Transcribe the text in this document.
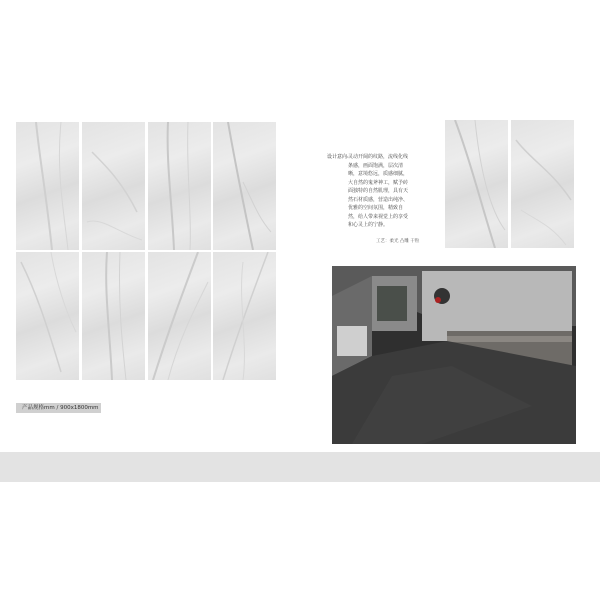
产品规格mm / 900x1800mm
设计意向: 灵动开阔的纹路，流线化线条感，画面饱满，层次清晰，意境悠远，质感细腻，大自然的鬼斧神工，赋予砖面独特的自然肌理，具有天然石材质感，营造出纯净、优雅的空间氛围，精致自然，给人带来视觉上的享受和心灵上的宁静。
工艺：柔光 凸雕 干粒
